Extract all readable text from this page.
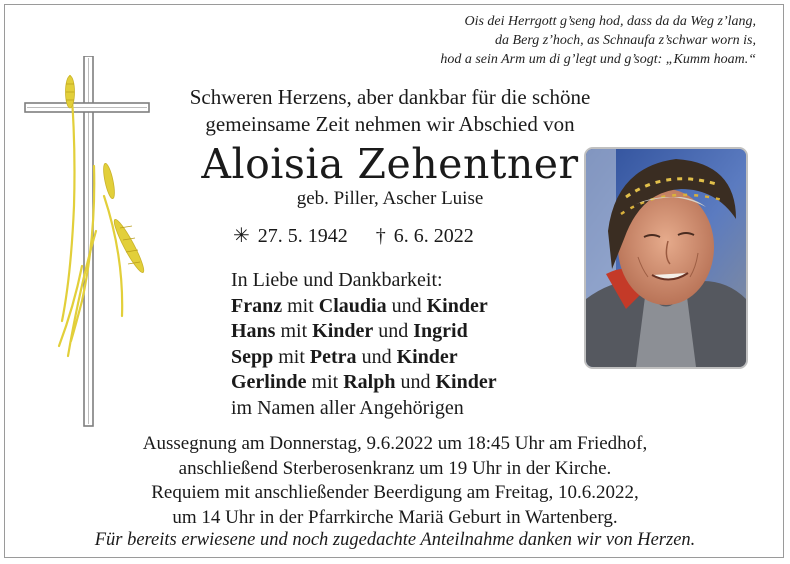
Ois dei Herrgott g’seng hod, dass da da Weg z’lang,
da Berg z’hoch, as Schnaufa z’schwar worn is,
hod a sein Arm um di g’legt und g’sogt: „Kumm hoam.“
Schweren Herzens, aber dankbar für die schöne
gemeinsame Zeit nehmen wir Abschied von
Aloisia Zehentner
geb. Piller, Ascher Luise
✳ 27. 5. 1942 † 6. 6. 2022
In Liebe und Dankbarkeit:
Franz mit Claudia und Kinder
Hans mit Kinder und Ingrid
Sepp mit Petra und Kinder
Gerlinde mit Ralph und Kinder
im Namen aller Angehörigen
Aussegnung am Donnerstag, 9.6.2022 um 18:45 Uhr am Friedhof,
anschließend Sterberosenkranz um 19 Uhr in der Kirche.
Requiem mit anschließender Beerdigung am Freitag, 10.6.2022,
um 14 Uhr in der Pfarrkirche Mariä Geburt in Wartenberg.
Für bereits erwiesene und noch zugedachte Anteilnahme danken wir von Herzen.
